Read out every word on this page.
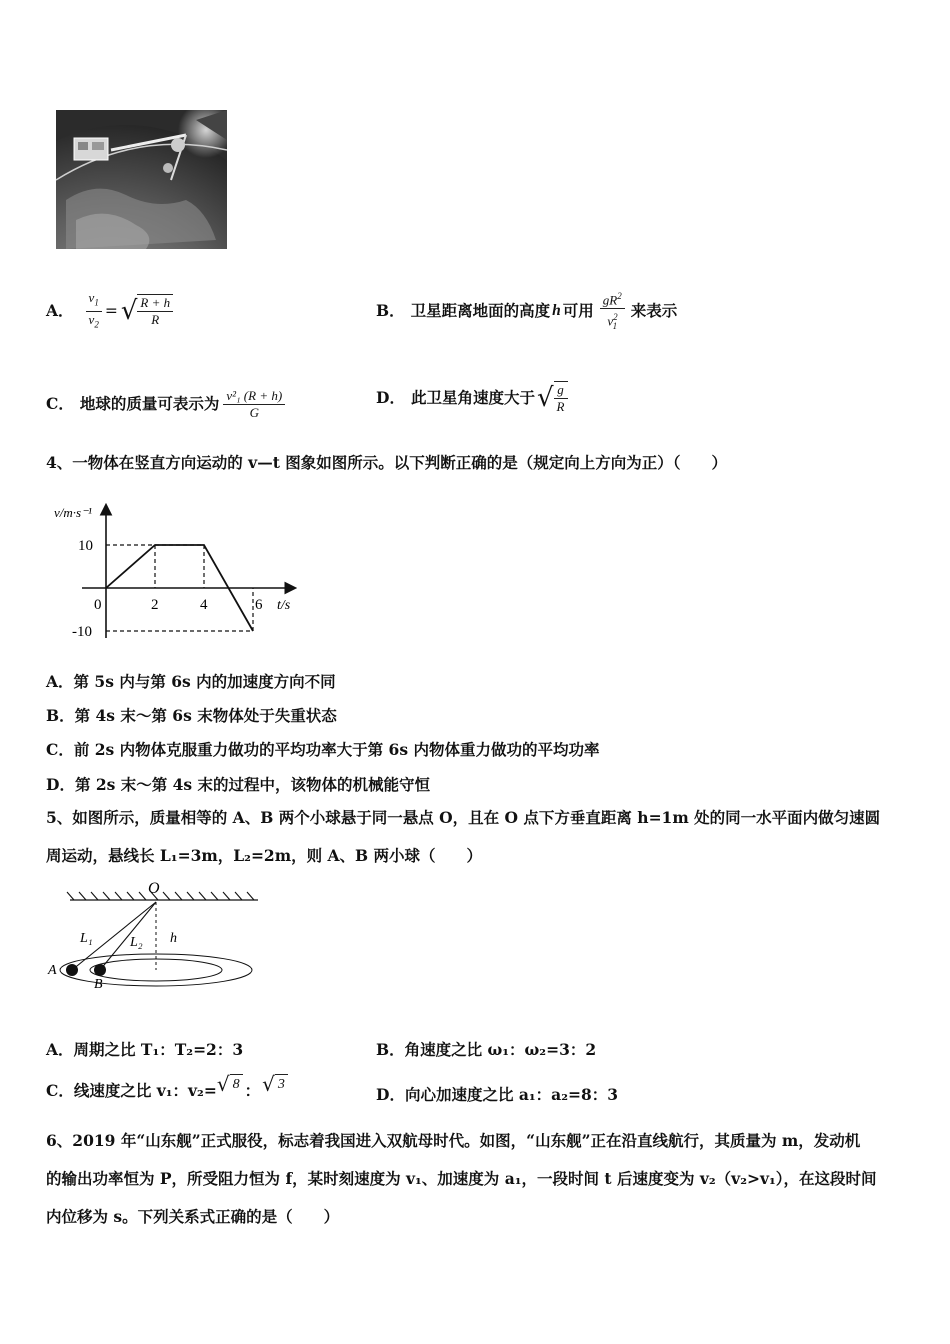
A． $\frac{v_1}{v_2}$ = √ $\frac{R + h}{R}$	B． 卫星距离地面的高度 h 可用 $\frac{gR^2}{v^2_1}$ 来表示
C． 地球的质量可表示为 $\frac{\text{v²₁ (R + h)}}{G}$	D． 此卫星角速度大于 √ $\frac{g}{R}$
4、一物体在竖直方向运动的 v—t 图象如图所示。以下判断正确的是（规定向上方向为正）（　　）
v/m·s⁻¹
t/s
10
-10
0	2	4	6
A．第 5s 内与第 6s 内的加速度方向不同
B．第 4s 末～第 6s 末物体处于失重状态
C．前 2s 内物体克服重力做功的平均功率大于第 6s 内物体重力做功的平均功率
D．第 2s 末～第 4s 末的过程中，该物体的机械能守恒
5、如图所示，质量相等的 A、B 两个小球悬于同一悬点 O，且在 O 点下方垂直距离 h=1m 处的同一水平面内做匀速圆
周运动，悬线长 L₁=3m，L₂=2m，则 A、B 两小球（　　）
O
L₁	L₂ h
A
B
A．周期之比 T₁：T₂=2：3	B．角速度之比 ω₁：ω₂=3：2
C．线速度之比 v₁：v₂= √ 8 ： √ 3
D．向心加速度之比 a₁：a₂=8：3
6、2019 年“山东舰”正式服役，标志着我国进入双航母时代。如图，“山东舰”正在沿直线航行，其质量为 m，发动机
的输出功率恒为 P，所受阻力恒为 f，某时刻速度为 v₁、加速度为 a₁，一段时间 t 后速度变为 v₂（v₂>v₁），在这段时间
内位移为 s。下列关系式正确的是（　　）
